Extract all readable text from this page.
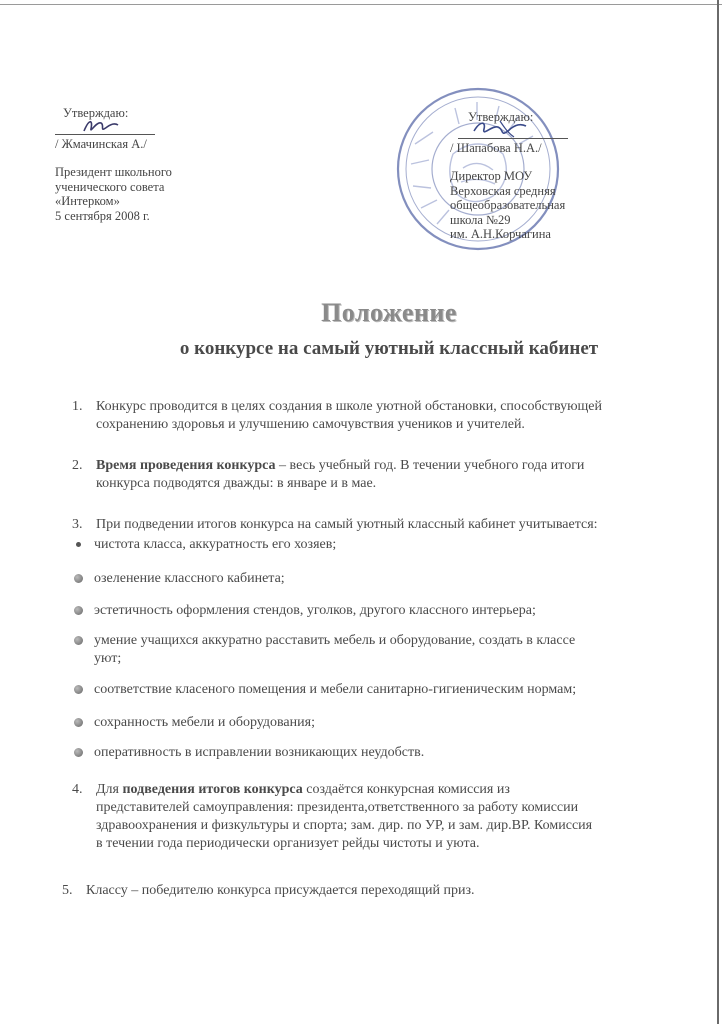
Утверждаю:
/ Жмачинская А./
Президент школьного
ученического совета
«Интерком»
5 сентября 2008 г.
Утверждаю:
/ Шапабова Н.А./
Директор МОУ
Верховская средняя
общеобразовательная
школа №29
им. А.Н.Корчагина
Положение
о конкурсе на самый уютный классный кабинет
1. Конкурс проводится в целях создания в школе уютной обстановки, способствующей
сохранению здоровья и улучшению самочувствия учеников и учителей.
2. Время проведения конкурса – весь учебный год. В течении учебного года итоги
конкурса подводятся дважды: в январе и в мае.
3. При подведении итогов конкурса на самый уютный классный кабинет учитывается:
4. Для подведения итогов конкурса создаётся конкурсная комиссия из
представителей самоуправления: президента,ответственного за работу комиссии
здравоохранения и физкультуры и спорта; зам. дир. по УР, и зам. дир.ВР. Комиссия
в течении года периодически организует рейды чистоты и уюта.
5. Классу – победителю конкурса присуждается переходящий приз.
чистота класса, аккуратность его хозяев;
озеленение классного кабинета;
эстетичность оформления стендов, уголков, другого классного интерьера;
умение учащихся аккуратно расставить мебель и оборудование, создать в классе
уют;
соответствие класеного помещения и мебели санитарно-гигиеническим нормам;
сохранность мебели и оборудования;
оперативность в исправлении возникающих неудобств.
